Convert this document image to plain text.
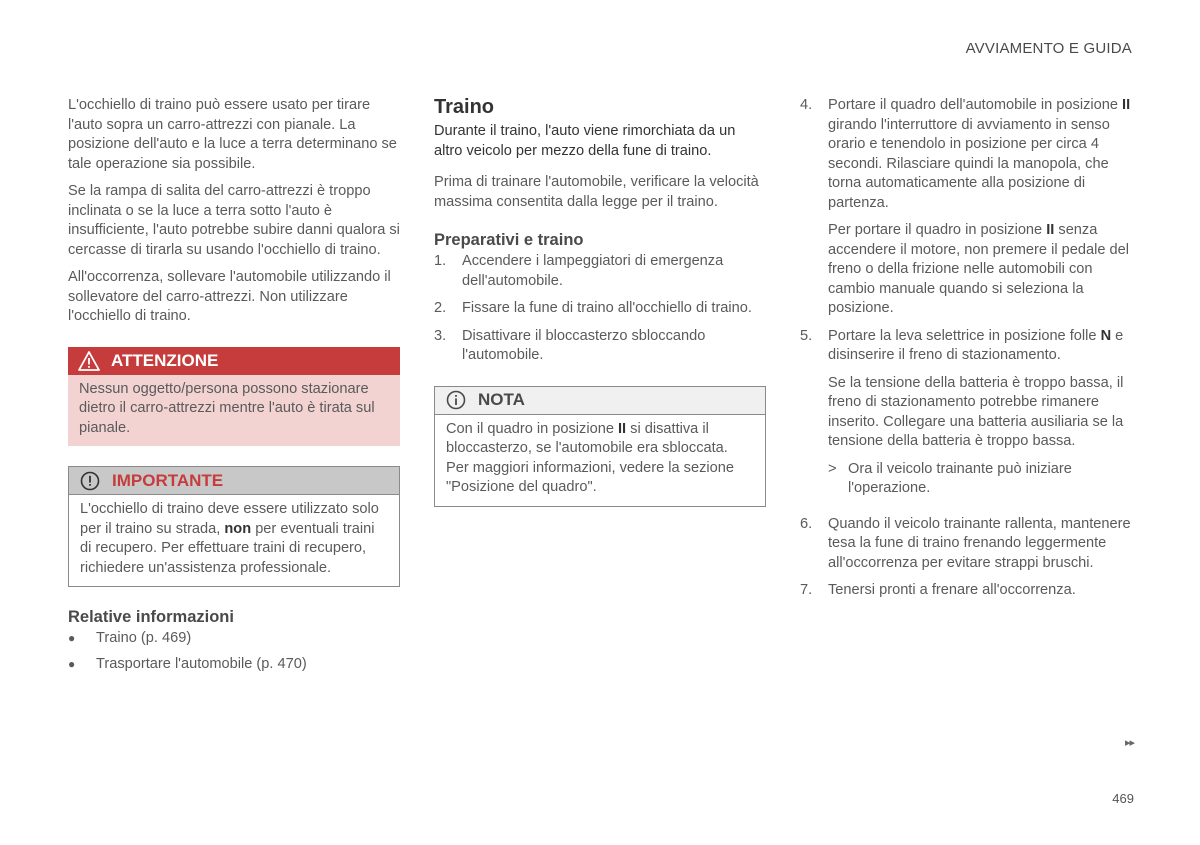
AVVIAMENTO E GUIDA

L'occhiello di traino può essere usato per tirare l'auto sopra un carro-attrezzi con pianale. La posizione dell'auto e la luce a terra determinano se tale operazione sia possibile.

Se la rampa di salita del carro-attrezzi è troppo inclinata o se la luce a terra sotto l'auto è insufficiente, l'auto potrebbe subire danni qualora si cercasse di tirarla su usando l'occhiello di traino.

All'occorrenza, sollevare l'automobile utilizzando il sollevatore del carro-attrezzi. Non utilizzare l'occhiello di traino.

ATTENZIONE
Nessun oggetto/persona possono stazionare dietro il carro-attrezzi mentre l'auto è tirata sul pianale.
IMPORTANTE
L'occhiello di traino deve essere utilizzato solo per il traino su strada, non per eventuali traini di recupero. Per effettuare traini di recupero, richiedere un'assistenza professionale.
Relative informazioni
●	Traino (p. 469)
●	Trasportare l'automobile (p. 470)
Traino

Durante il traino, l'auto viene rimorchiata da un altro veicolo per mezzo della fune di traino.

Prima di trainare l'automobile, verificare la velocità massima consentita dalla legge per il traino.

Preparativi e traino
1.	Accendere i lampeggiatori di emergenza dell'automobile.
2.	Fissare la fune di traino all'occhiello di traino.
3.	Disattivare il bloccasterzo sbloccando l'automobile.
NOTA
Con il quadro in posizione II si disattiva il bloccasterzo, se l'automobile era sbloccata. Per maggiori informazioni, vedere la sezione "Posizione del quadro".
4.	Portare il quadro dell'automobile in posizione II girando l'interruttore di avviamento in senso orario e tenendolo in posizione per circa 4 secondi. Rilasciare quindi la manopola, che torna automaticamente alla posizione di partenza.
Per portare il quadro in posizione II senza accendere il motore, non premere il pedale del freno o della frizione nelle automobili con cambio manuale quando si seleziona la posizione.
5.	Portare la leva selettrice in posizione folle N e disinserire il freno di stazionamento.
Se la tensione della batteria è troppo bassa, il freno di stazionamento potrebbe rimanere inserito. Collegare una batteria ausiliaria se la tensione della batteria è troppo bassa.
> Ora il veicolo trainante può iniziare l'operazione.
6.	Quando il veicolo trainante rallenta, mantenere tesa la fune di traino frenando leggermente all'occorrenza per evitare strappi bruschi.
7.	Tenersi pronti a frenare all'occorrenza.
▸▸
469
